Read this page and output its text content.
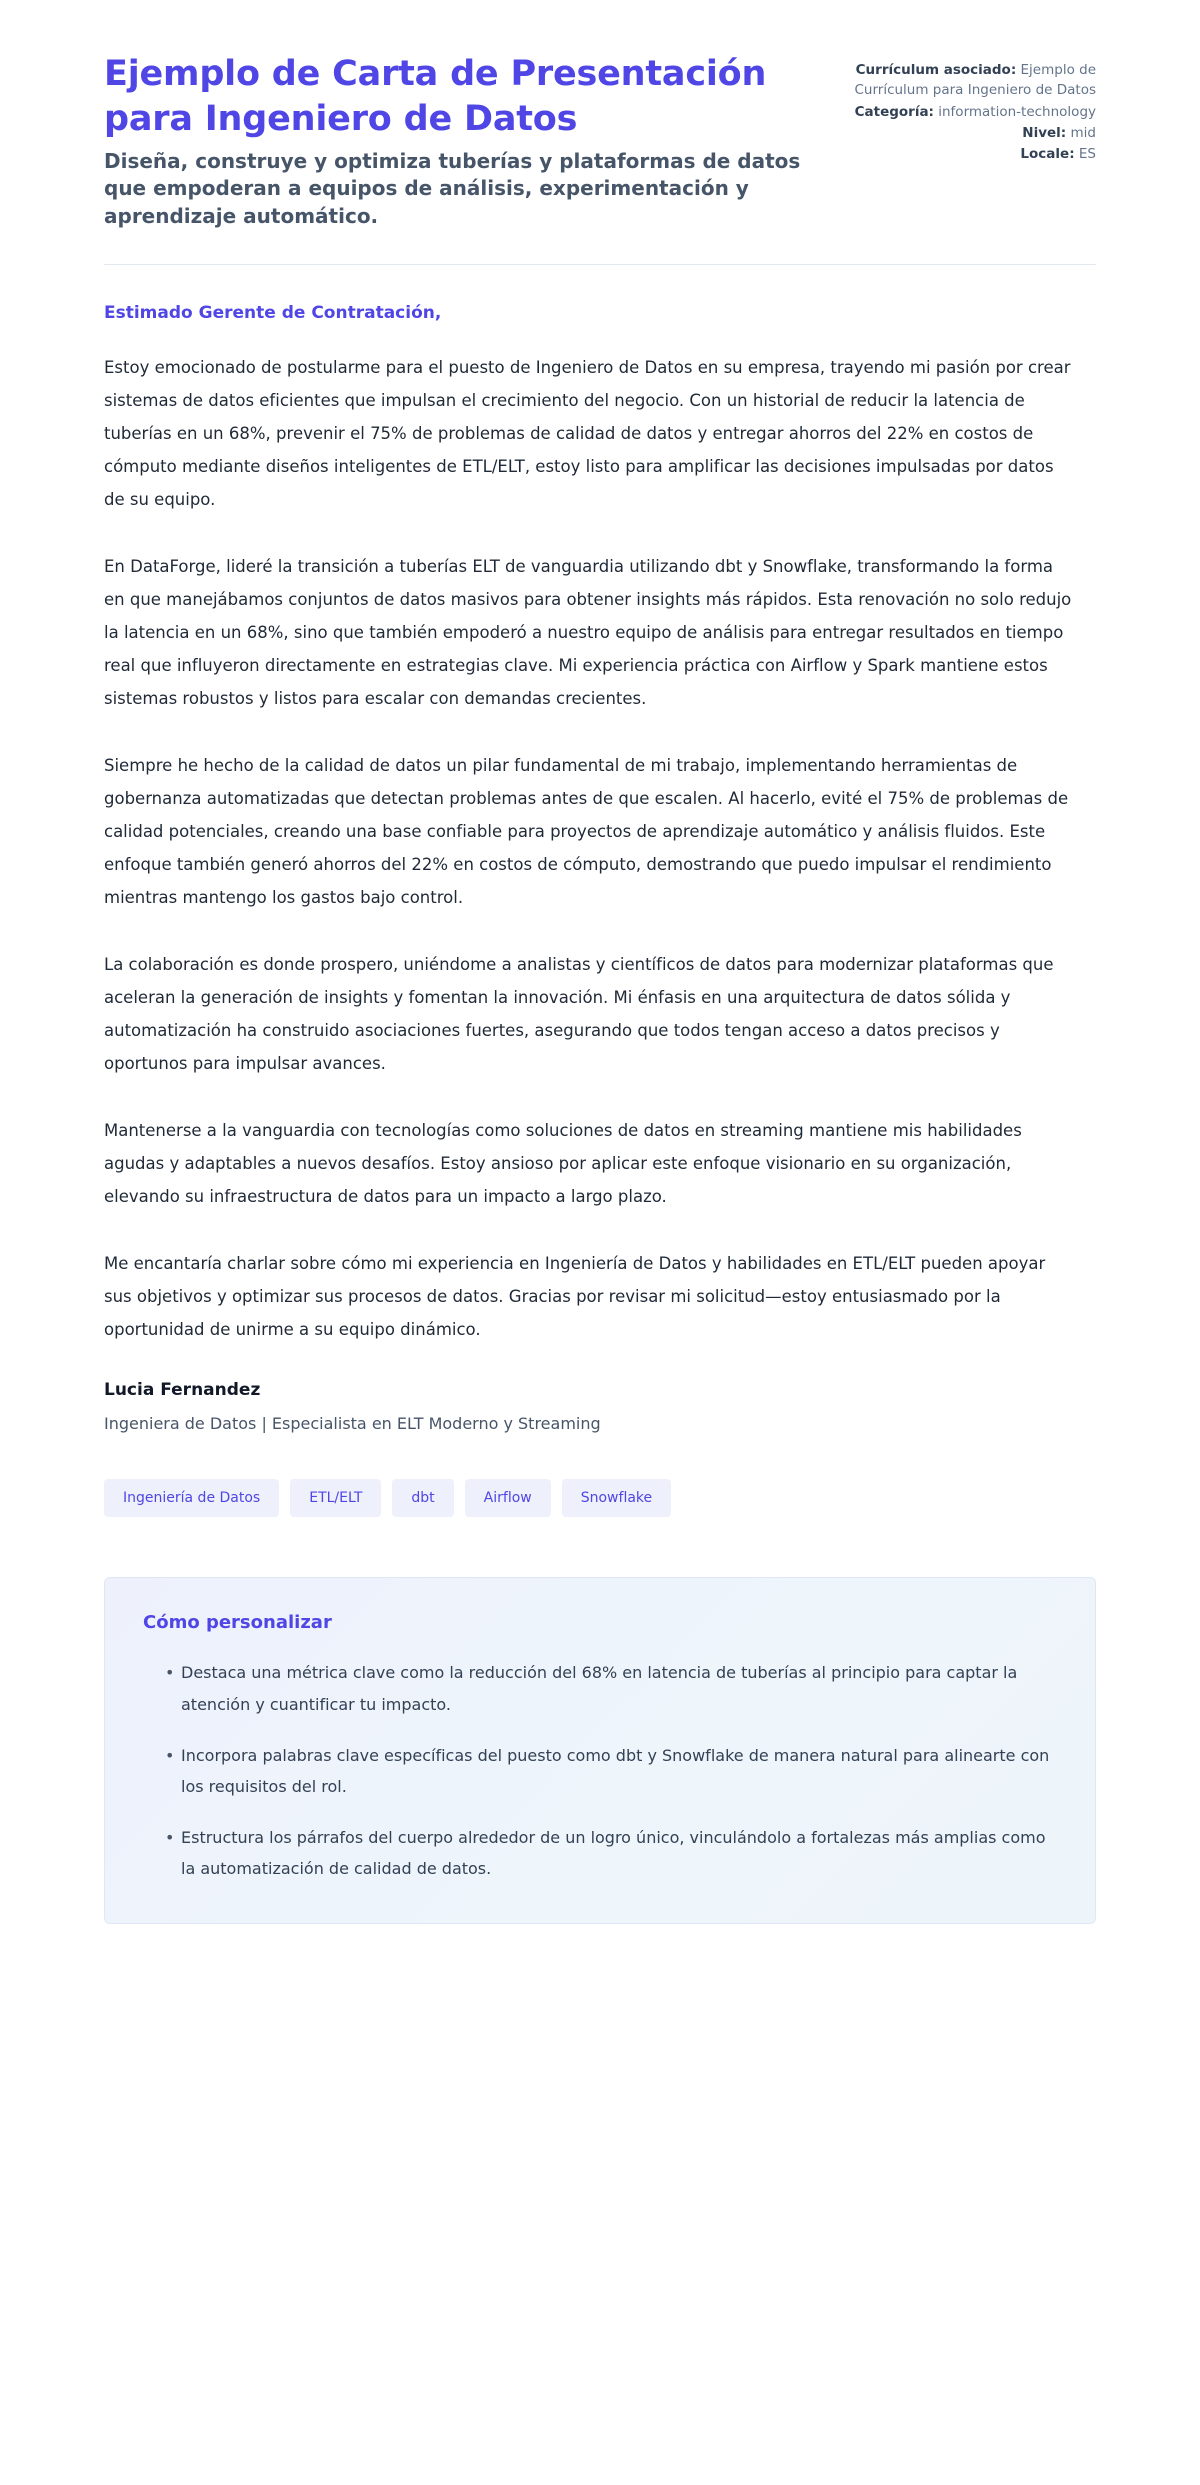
Ejemplo de Carta de Presentación para Ingeniero de Datos

Diseña, construye y optimiza tuberías y plataformas de datos que empoderan a equipos de análisis, experimentación y aprendizaje automático.

Currículum asociado: Ejemplo de Currículum para Ingeniero de Datos
Categoría: information-technology
Nivel: mid
Locale: ES

Estimado Gerente de Contratación,

Estoy emocionado de postularme para el puesto de Ingeniero de Datos en su empresa, trayendo mi pasión por crear sistemas de datos eficientes que impulsan el crecimiento del negocio. Con un historial de reducir la latencia de tuberías en un 68%, prevenir el 75% de problemas de calidad de datos y entregar ahorros del 22% en costos de cómputo mediante diseños inteligentes de ETL/ELT, estoy listo para amplificar las decisiones impulsadas por datos de su equipo.

En DataForge, lideré la transición a tuberías ELT de vanguardia utilizando dbt y Snowflake, transformando la forma en que manejábamos conjuntos de datos masivos para obtener insights más rápidos. Esta renovación no solo redujo la latencia en un 68%, sino que también empoderó a nuestro equipo de análisis para entregar resultados en tiempo real que influyeron directamente en estrategias clave. Mi experiencia práctica con Airflow y Spark mantiene estos sistemas robustos y listos para escalar con demandas crecientes.

Siempre he hecho de la calidad de datos un pilar fundamental de mi trabajo, implementando herramientas de gobernanza automatizadas que detectan problemas antes de que escalen. Al hacerlo, evité el 75% de problemas de calidad potenciales, creando una base confiable para proyectos de aprendizaje automático y análisis fluidos. Este enfoque también generó ahorros del 22% en costos de cómputo, demostrando que puedo impulsar el rendimiento mientras mantengo los gastos bajo control.

La colaboración es donde prospero, uniéndome a analistas y científicos de datos para modernizar plataformas que aceleran la generación de insights y fomentan la innovación. Mi énfasis en una arquitectura de datos sólida y automatización ha construido asociaciones fuertes, asegurando que todos tengan acceso a datos precisos y oportunos para impulsar avances.

Mantenerse a la vanguardia con tecnologías como soluciones de datos en streaming mantiene mis habilidades agudas y adaptables a nuevos desafíos. Estoy ansioso por aplicar este enfoque visionario en su organización, elevando su infraestructura de datos para un impacto a largo plazo.

Me encantaría charlar sobre cómo mi experiencia en Ingeniería de Datos y habilidades en ETL/ELT pueden apoyar sus objetivos y optimizar sus procesos de datos. Gracias por revisar mi solicitud—estoy entusiasmado por la oportunidad de unirme a su equipo dinámico.

Lucia Fernandez

Ingeniera de Datos | Especialista en ELT Moderno y Streaming

Ingeniería de Datos	ETL/ELT	dbt	Airflow	Snowflake
Cómo personalizar
• Destaca una métrica clave como la reducción del 68% en latencia de tuberías al principio para captar la atención y cuantificar tu impacto.
• Incorpora palabras clave específicas del puesto como dbt y Snowflake de manera natural para alinearte con los requisitos del rol.
• Estructura los párrafos del cuerpo alrededor de un logro único, vinculándolo a fortalezas más amplias como la automatización de calidad de datos.
